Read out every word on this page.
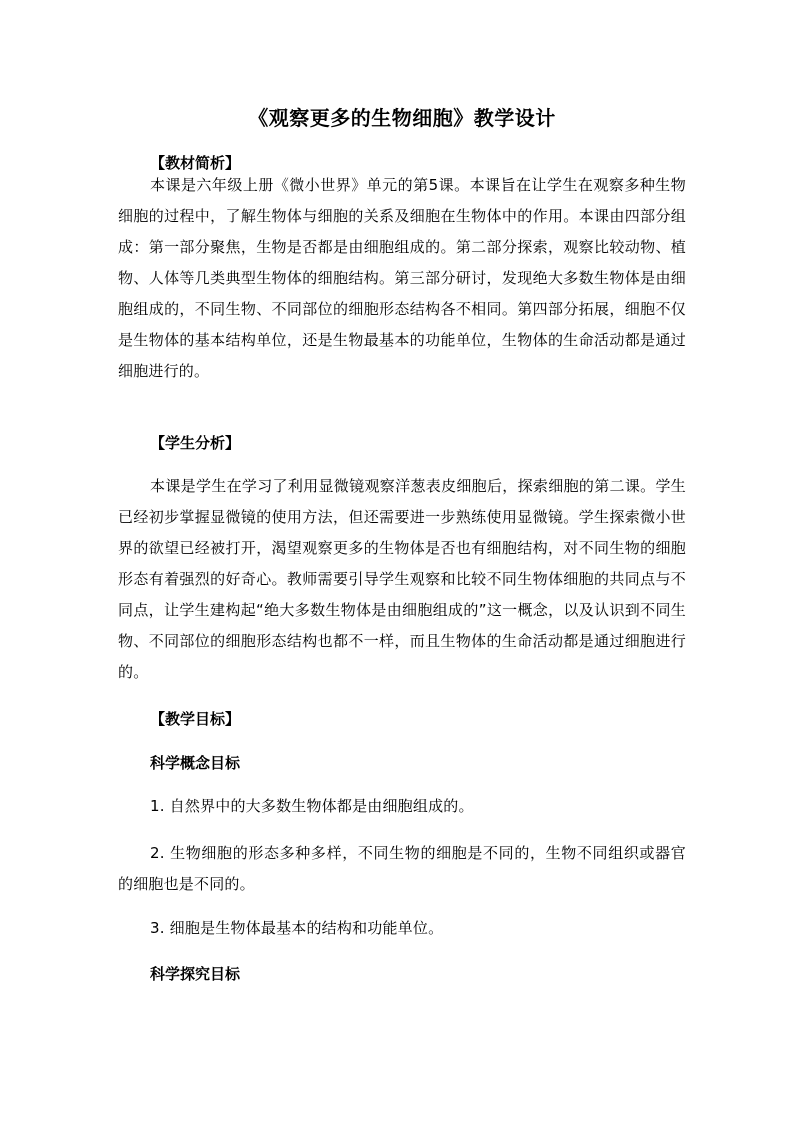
《观察更多的生物细胞》教学设计
【教材简析】

本课是六年级上册《微小世界》单元的第5课。本课旨在让学生在观察多种生物细胞的过程中，了解生物体与细胞的关系及细胞在生物体中的作用。本课由四部分组成：第一部分聚焦，生物是否都是由细胞组成的。第二部分探索，观察比较动物、植物、人体等几类典型生物体的细胞结构。第三部分研讨，发现绝大多数生物体是由细胞组成的，不同生物、不同部位的细胞形态结构各不相同。第四部分拓展，细胞不仅是生物体的基本结构单位，还是生物最基本的功能单位，生物体的生命活动都是通过细胞进行的。

【学生分析】

本课是学生在学习了利用显微镜观察洋葱表皮细胞后，探索细胞的第二课。学生已经初步掌握显微镜的使用方法，但还需要进一步熟练使用显微镜。学生探索微小世界的欲望已经被打开，渴望观察更多的生物体是否也有细胞结构，对不同生物的细胞形态有着强烈的好奇心。教师需要引导学生观察和比较不同生物体细胞的共同点与不同点，让学生建构起“绝大多数生物体是由细胞组成的”这一概念，以及认识到不同生物、不同部位的细胞形态结构也都不一样，而且生物体的生命活动都是通过细胞进行的。

【教学目标】
科学概念目标

1. 自然界中的大多数生物体都是由细胞组成的。

2. 生物细胞的形态多种多样，不同生物的细胞是不同的，生物不同组织或器官的细胞也是不同的。

3. 细胞是生物体最基本的结构和功能单位。

科学探究目标
